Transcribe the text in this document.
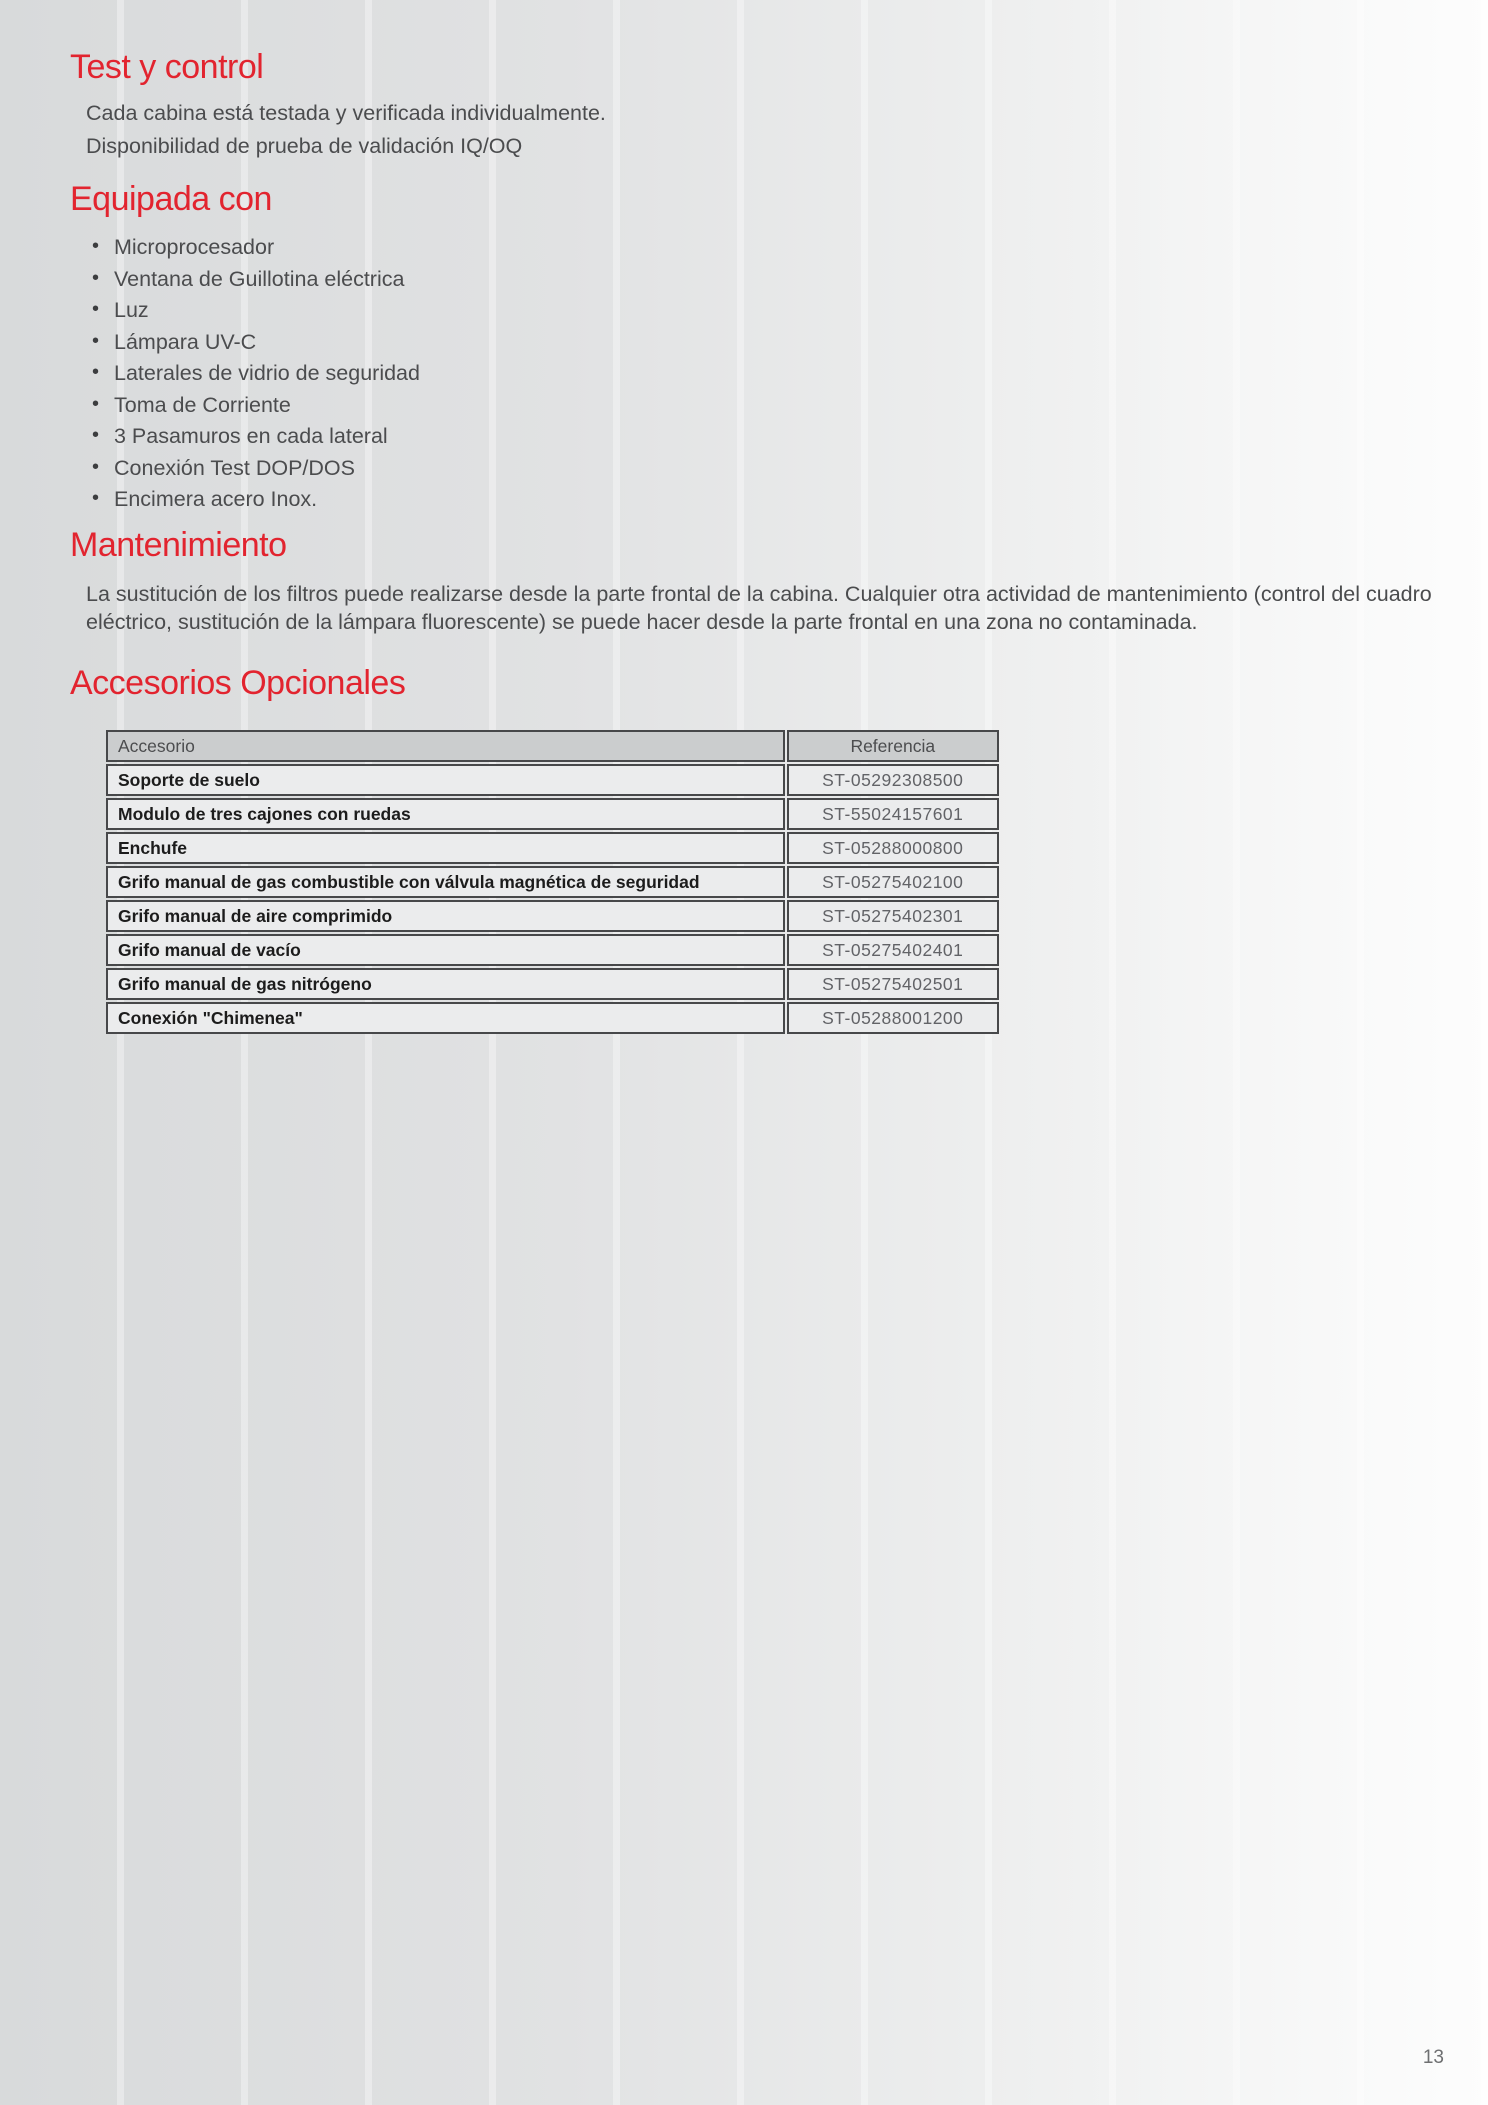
Test y control

Cada cabina está testada y verificada individualmente.

Disponibilidad de prueba de validación IQ/OQ

Equipada con
• Microprocesador
• Ventana de Guillotina eléctrica
• Luz
• Lámpara UV-C
• Laterales de vidrio de seguridad
• Toma de Corriente
• 3 Pasamuros en cada lateral
• Conexión Test DOP/DOS
• Encimera acero Inox.
Mantenimiento

La sustitución de los filtros puede realizarse desde la parte frontal de la cabina. Cualquier otra actividad de mantenimiento (control del cuadro eléctrico, sustitución de la lámpara fluorescente) se puede hacer desde la parte frontal en una zona no contaminada.

Accesorios Opcionales
Accesorio	Referencia
Soporte de suelo	ST-05292308500
Modulo de tres cajones con ruedas	ST-55024157601
Enchufe	ST-05288000800
Grifo manual de gas combustible con válvula magnética de seguridad	ST-05275402100
Grifo manual de aire comprimido	ST-05275402301
Grifo manual de vacío	ST-05275402401
Grifo manual de gas nitrógeno	ST-05275402501
Conexión "Chimenea"	ST-05288001200
13
